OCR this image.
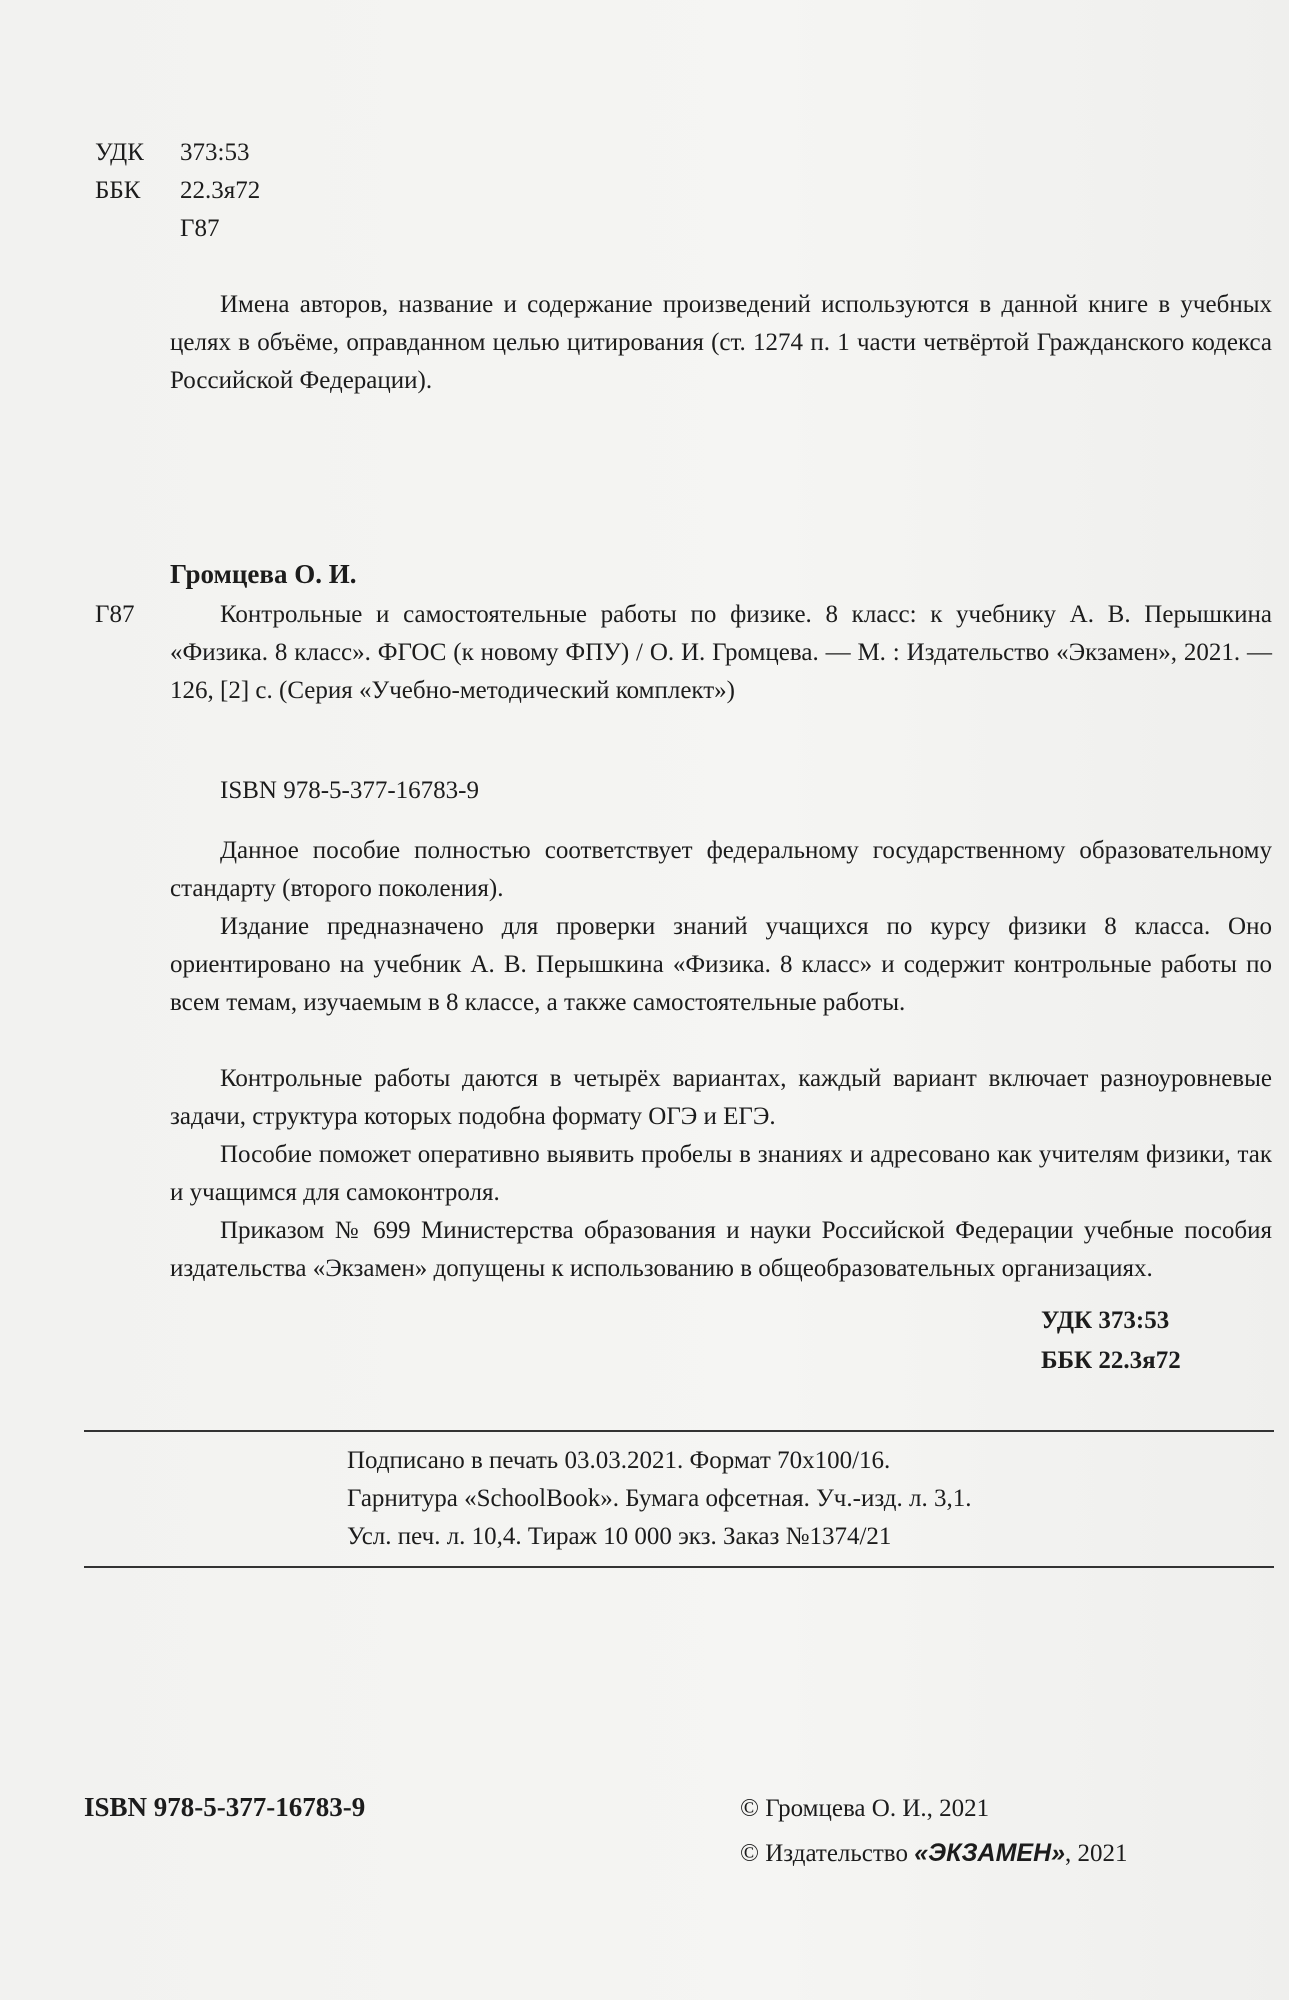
УДК 373:53
ББК 22.3я72
Г87
Имена авторов, название и содержание произведений используются в данной книге в учебных целях в объёме, оправданном целью цитирования (ст. 1274 п. 1 части четвёртой Гражданского кодекса Российской Федерации).
Громцева О. И.
Г87	Контрольные и самостоятельные работы по физике. 8 класс: к учебнику А. В. Перышкина «Физика. 8 класс». ФГОС (к новому ФПУ) / О. И. Громцева. — М. : Издательство «Экзамен», 2021. — 126, [2] с. (Серия «Учебно-методический комплект»)
ISBN 978-5-377-16783-9
Данное пособие полностью соответствует федеральному государственному образовательному стандарту (второго поколения).
Издание предназначено для проверки знаний учащихся по курсу физики 8 класса. Оно ориентировано на учебник А. В. Перышкина «Физика. 8 класс» и содержит контрольные работы по всем темам, изучаемым в 8 классе, а также самостоятельные работы.
Контрольные работы даются в четырёх вариантах, каждый вариант включает разноуровневые задачи, структура которых подобна формату ОГЭ и ЕГЭ.
Пособие поможет оперативно выявить пробелы в знаниях и адресовано как учителям физики, так и учащимся для самоконтроля.
Приказом № 699 Министерства образования и науки Российской Федерации учебные пособия издательства «Экзамен» допущены к использованию в общеобразовательных организациях.
УДК 373:53
ББК 22.3я72
Подписано в печать 03.03.2021. Формат 70x100/16.
Гарнитура «SchoolBook». Бумага офсетная. Уч.-изд. л. 3,1.
Усл. печ. л. 10,4. Тираж 10 000 экз. Заказ №1374/21
ISBN 978-5-377-16783-9	© Громцева О. И., 2021
© Издательство «ЭКЗАМЕН», 2021
